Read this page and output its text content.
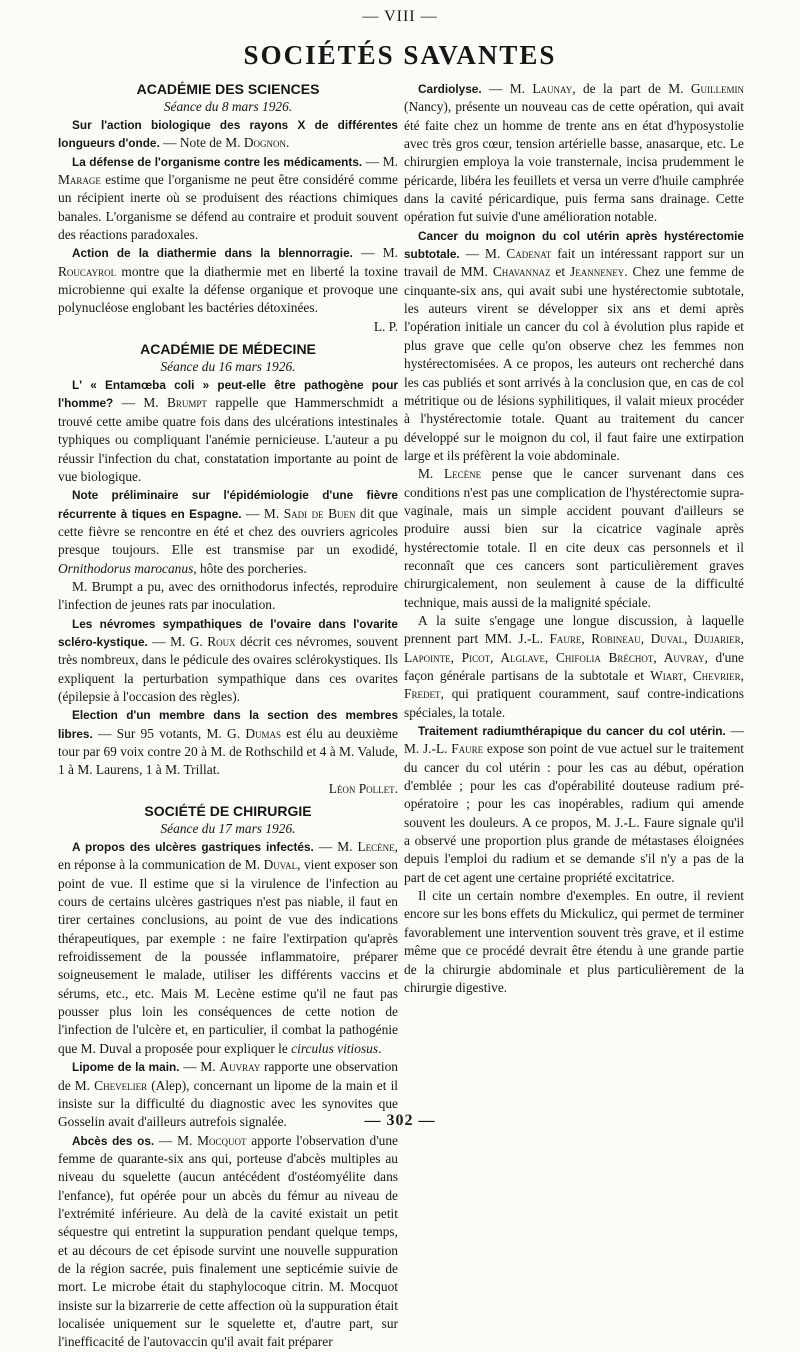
— VIII —
SOCIÉTÉS SAVANTES
ACADÉMIE DES SCIENCES
Séance du 8 mars 1926.

Sur l'action biologique des rayons X de différentes longueurs d'onde. — Note de M. Dognon.

La défense de l'organisme contre les médicaments. — M. Marage estime que l'organisme ne peut être considéré comme un récipient inerte où se produisent des réactions chimiques banales. L'organisme se défend au contraire et produit souvent des réactions paradoxales.

Action de la diathermie dans la blennorragie. — M. Roucayrol montre que la diathermie met en liberté la toxine microbienne qui exalte la défense organique et provoque une polynucléose englobant les bactéries détoxinées.
L. P.

ACADÉMIE DE MÉDECINE
Séance du 16 mars 1926.

L' « Entamœba coli » peut-elle être pathogène pour l'homme? — M. Brumpt rappelle que Hammerschmidt a trouvé cette amibe quatre fois dans des ulcérations intestinales typhiques ou compliquant l'anémie pernicieuse. L'auteur a pu réussir l'infection du chat, constatation importante au point de vue biologique.

Note préliminaire sur l'épidémiologie d'une fièvre récurrente à tiques en Espagne. — M. Sadi de Buen dit que cette fièvre se rencontre en été et chez des ouvriers agricoles presque toujours. Elle est transmise par un exodidé, Ornithodorus marocanus, hôte des porcheries.

M. Brumpt a pu, avec des ornithodorus infectés, reproduire l'infection de jeunes rats par inoculation.

Les névromes sympathiques de l'ovaire dans l'ovarite scléro-kystique. — M. G. Roux décrit ces névromes, souvent très nombreux, dans le pédicule des ovaires sclérokystiques. Ils expliquent la perturbation sympathique dans ces ovarites (épilepsie à l'occasion des règles).

Election d'un membre dans la section des membres libres. — Sur 95 votants, M. G. Dumas est élu au deuxième tour par 69 voix contre 20 à M. de Rothschild et 4 à M. Valude, 1 à M. Laurens, 1 à M. Trillat.
Léon Pollet.

SOCIÉTÉ DE CHIRURGIE
Séance du 17 mars 1926.

A propos des ulcères gastriques infectés. — M. Lecène, en réponse à la communication de M. Duval, vient exposer son point de vue. Il estime que si la virulence de l'infection au cours de certains ulcères gastriques n'est pas niable, il faut en tirer certaines conclusions, au point de vue des indications thérapeutiques, par exemple : ne faire l'extirpation qu'après refroidissement de la poussée inflammatoire, préparer soigneusement le malade, utiliser les différents vaccins et sérums, etc., etc. Mais M. Lecène estime qu'il ne faut pas pousser plus loin les conséquences de cette notion de l'infection de l'ulcère et, en particulier, il combat la pathogénie que M. Duval a proposée pour expliquer le circulus vitiosus.

Lipome de la main. — M. Auvray rapporte une observation de M. Chevelier (Alep), concernant un lipome de la main et il insiste sur la difficulté du diagnostic avec les synovites que Gosselin avait d'ailleurs autrefois signalée.

Abcès des os. — M. Mocquot apporte l'observation d'une femme de quarante-six ans qui, porteuse d'abcès multiples au niveau du squelette (aucun antécédent d'ostéomyélite dans l'enfance), fut opérée pour un abcès du fémur au niveau de l'extrémité inférieure. Au delà de la cavité existait un petit séquestre qui entretint la suppuration pendant quelque temps, et au décours de cet épisode survint une nouvelle suppuration de la région sacrée, puis finalement une septicémie suivie de mort. Le microbe était du staphylocoque citrin. M. Mocquot insiste sur la bizarrerie de cette affection où la suppuration était localisée uniquement sur le squelette et, d'autre part, sur l'inefficacité de l'autovaccin qu'il avait fait préparer

Cardiolyse. — M. Launay, de la part de M. Guillemin (Nancy), présente un nouveau cas de cette opération, qui avait été faite chez un homme de trente ans en état d'hyposystolie avec très gros cœur, tension artérielle basse, anasarque, etc. Le chirurgien employa la voie transternale, incisa prudemment le péricarde, libéra les feuillets et versa un verre d'huile camphrée dans la cavité péricardique, puis ferma sans drainage. Cette opération fut suivie d'une amélioration notable.

Cancer du moignon du col utérin après hystérectomie subtotale. — M. Cadenat fait un intéressant rapport sur un travail de MM. Chavannaz et Jeanneney. Chez une femme de cinquante-six ans, qui avait subi une hystérectomie subtotale, les auteurs virent se développer six ans et demi après l'opération initiale un cancer du col à évolution plus rapide et plus grave que celle qu'on observe chez les femmes non hystérectomisées. A ce propos, les auteurs ont recherché dans les cas publiés et sont arrivés à la conclusion que, en cas de col métritique ou de lésions syphilitiques, il valait mieux procéder à l'hystérectomie totale. Quant au traitement du cancer développé sur le moignon du col, il faut faire une extirpation large et ils préfèrent la voie abdominale.

M. Lecène pense que le cancer survenant dans ces conditions n'est pas une complication de l'hystérectomie supra-vaginale, mais un simple accident pouvant d'ailleurs se produire aussi bien sur la cicatrice vaginale après hystérectomie totale. Il en cite deux cas personnels et il reconnaît que ces cancers sont particulièrement graves chirurgicalement, non seulement à cause de la difficulté technique, mais aussi de la malignité spéciale.

A la suite s'engage une longue discussion, à laquelle prennent part MM. J.-L. Faure, Robineau, Duval, Dujarier, Lapointe, Picot, Alglave, Chifolia Bréchot, Auvray, d'une façon générale partisans de la subtotale et Wiart, Chevrier, Fredet, qui pratiquent couramment, sauf contre-indications spéciales, la totale.

Traitement radiumthérapique du cancer du col utérin. — M. J.-L. Faure expose son point de vue actuel sur le traitement du cancer du col utérin : pour les cas au début, opération d'emblée ; pour les cas d'opérabilité douteuse radium pré-opératoire ; pour les cas inopérables, radium qui amende souvent les douleurs. A ce propos, M. J.-L. Faure signale qu'il a observé une proportion plus grande de métastases éloignées depuis l'emploi du radium et se demande s'il n'y a pas de la part de cet agent une certaine propriété excitatrice.

Il cite un certain nombre d'exemples. En outre, il revient encore sur les bons effets du Mickulicz, qui permet de terminer favorablement une intervention souvent très grave, et il estime même que ce procédé devrait être étendu à une grande partie de la chirurgie abdominale et plus particulièrement de la chirurgie digestive.

— 302 —
